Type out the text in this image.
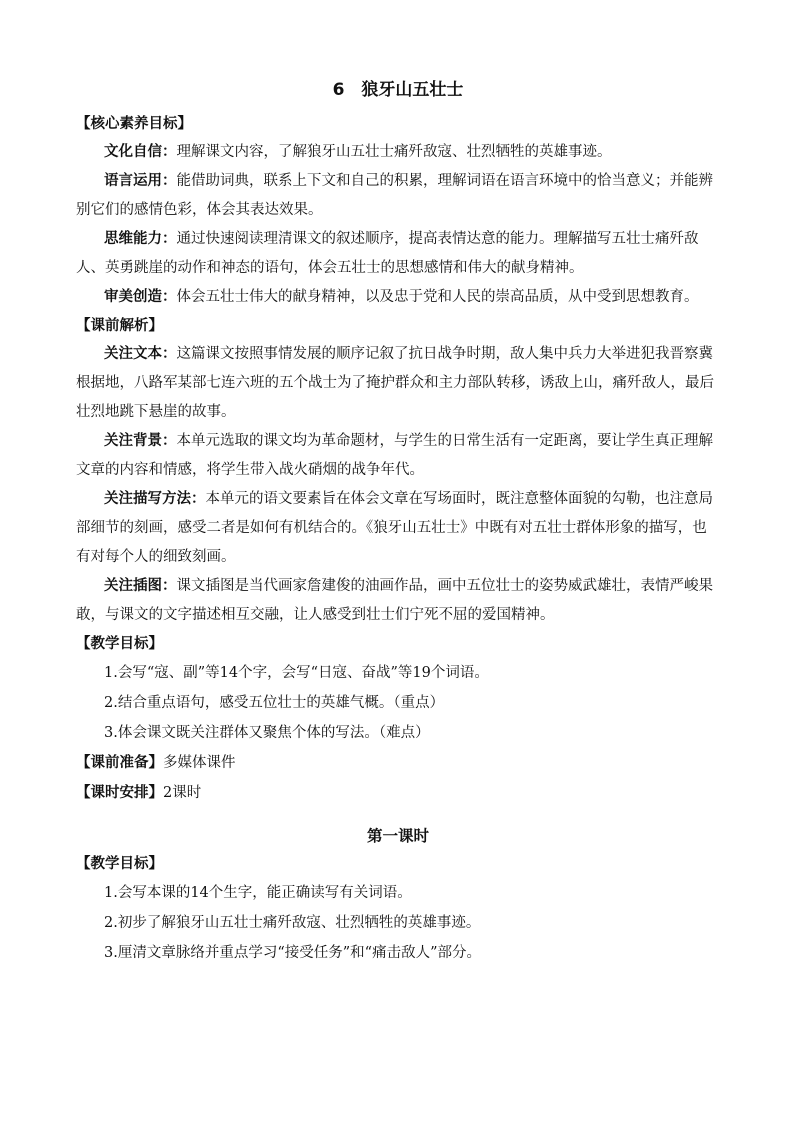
6　狼牙山五壮士
【核心素养目标】

文化自信：理解课文内容，了解狼牙山五壮士痛歼敌寇、壮烈牺牲的英雄事迹。

语言运用：能借助词典，联系上下文和自己的积累，理解词语在语言环境中的恰当意义；并能辨别它们的感情色彩，体会其表达效果。

思维能力：通过快速阅读理清课文的叙述顺序，提高表情达意的能力。理解描写五壮士痛歼敌人、英勇跳崖的动作和神态的语句，体会五壮士的思想感情和伟大的献身精神。

审美创造：体会五壮士伟大的献身精神，以及忠于党和人民的崇高品质，从中受到思想教育。

【课前解析】

关注文本：这篇课文按照事情发展的顺序记叙了抗日战争时期，敌人集中兵力大举进犯我晋察冀根据地，八路军某部七连六班的五个战士为了掩护群众和主力部队转移，诱敌上山，痛歼敌人，最后壮烈地跳下悬崖的故事。

关注背景：本单元选取的课文均为革命题材，与学生的日常生活有一定距离，要让学生真正理解文章的内容和情感，将学生带入战火硝烟的战争年代。

关注描写方法：本单元的语文要素旨在体会文章在写场面时，既注意整体面貌的勾勒，也注意局部细节的刻画，感受二者是如何有机结合的。《狼牙山五壮士》中既有对五壮士群体形象的描写，也有对每个人的细致刻画。

关注插图：课文插图是当代画家詹建俊的油画作品，画中五位壮士的姿势威武雄壮，表情严峻果敢，与课文的文字描述相互交融，让人感受到壮士们宁死不屈的爱国精神。

【教学目标】

1.会写“寇、副”等14个字，会写“日寇、奋战”等19个词语。

2.结合重点语句，感受五位壮士的英雄气概。（重点）

3.体会课文既关注群体又聚焦个体的写法。（难点）

【课前准备】多媒体课件

【课时安排】2课时

第一课时
【教学目标】

1.会写本课的14个生字，能正确读写有关词语。

2.初步了解狼牙山五壮士痛歼敌寇、壮烈牺牲的英雄事迹。

3.厘清文章脉络并重点学习“接受任务”和“痛击敌人”部分。
